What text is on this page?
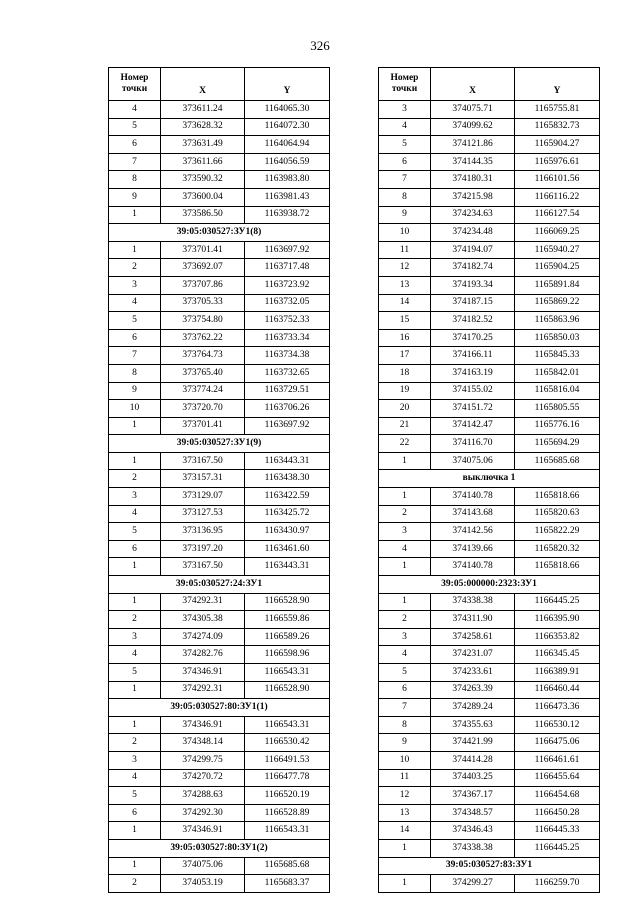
326
Номер
точки	X	Y
4	373611.24	1164065.30
5	373628.32	1164072.30
6	373631.49	1164064.94
7	373611.66	1164056.59
8	373590.32	1163983.80
9	373600.04	1163981.43
1	373586.50	1163938.72
39:05:030527:ЗУ1(8)		
1	373701.41	1163697.92
2	373692.07	1163717.48
3	373707.86	1163723.92
4	373705.33	1163732.05
5	373754.80	1163752.33
6	373762.22	1163733.34
7	373764.73	1163734.38
8	373765.40	1163732.65
9	373774.24	1163729.51
10	373720.70	1163706.26
1	373701.41	1163697.92
39:05:030527:ЗУ1(9)		
1	373167.50	1163443.31
2	373157.31	1163438.30
3	373129.07	1163422.59
4	373127.53	1163425.72
5	373136.95	1163430.97
6	373197.20	1163461.60
1	373167.50	1163443.31
39:05:030527:24:ЗУ1		
1	374292.31	1166528.90
2	374305.38	1166559.86
3	374274.09	1166589.26
4	374282.76	1166598.96
5	374346.91	1166543.31
1	374292.31	1166528.90
39:05:030527:80:ЗУ1(1)		
1	374346.91	1166543.31
2	374348.14	1166530.42
3	374299.75	1166491.53
4	374270.72	1166477.78
5	374288.63	1166520.19
6	374292.30	1166528.89
1	374346.91	1166543.31
39:05:030527:80:ЗУ1(2)		
1	374075.06	1165685.68
2	374053.19	1165683.37
Номер
точки	X	Y
3	374075.71	1165755.81
4	374099.62	1165832.73
5	374121.86	1165904.27
6	374144.35	1165976.61
7	374180.31	1166101.56
8	374215.98	1166116.22
9	374234.63	1166127.54
10	374234.48	1166069.25
11	374194.07	1165940.27
12	374182.74	1165904.25
13	374193.34	1165891.84
14	374187.15	1165869.22
15	374182.52	1165863.96
16	374170.25	1165850.03
17	374166.11	1165845.33
18	374163.19	1165842.01
19	374155.02	1165816.04
20	374151.72	1165805.55
21	374142.47	1165776.16
22	374116.70	1165694.29
1	374075.06	1165685.68
выключка 1		
1	374140.78	1165818.66
2	374143.68	1165820.63
3	374142.56	1165822.29
4	374139.66	1165820.32
1	374140.78	1165818.66
39:05:000000:2323:ЗУ1		
1	374338.38	1166445.25
2	374311.90	1166395.90
3	374258.61	1166353.82
4	374231.07	1166345.45
5	374233.61	1166389.91
6	374263.39	1166460.44
7	374289.24	1166473.36
8	374355.63	1166530.12
9	374421.99	1166475.06
10	374414.28	1166461.61
11	374403.25	1166455.64
12	374367.17	1166454.68
13	374348.57	1166450.28
14	374346.43	1166445.33
1	374338.38	1166445.25
39:05:030527:83:ЗУ1		
1	374299.27	1166259.70
